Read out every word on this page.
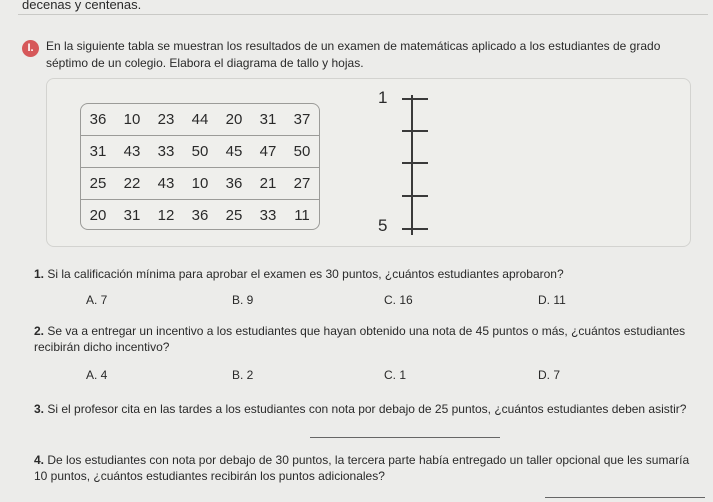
decenas y centenas.
I.	En la siguiente tabla se muestran los resultados de un examen de matemáticas aplicado a los estudiantes de grado séptimo de un colegio. Elabora el diagrama de tallo y hojas.
36	10	23	44	20	31	37
31	43	33	50	45	47	50
25	22	43	10	36	21	27
20	31	12	36	25	33	11
1
5
1. Si la calificación mínima para aprobar el examen es 30 puntos, ¿cuántos estudiantes aprobaron?
A. 7	B. 9	C. 16	D. 11
2. Se va a entregar un incentivo a los estudiantes que hayan obtenido una nota de 45 puntos o más, ¿cuántos estudiantes recibirán dicho incentivo?
A. 4	B. 2	C. 1	D. 7
3. Si el profesor cita en las tardes a los estudiantes con nota por debajo de 25 puntos, ¿cuántos estudiantes deben asistir?
4. De los estudiantes con nota por debajo de 30 puntos, la tercera parte había entregado un taller opcional que les sumaría 10 puntos, ¿cuántos estudiantes recibirán los puntos adicionales?
